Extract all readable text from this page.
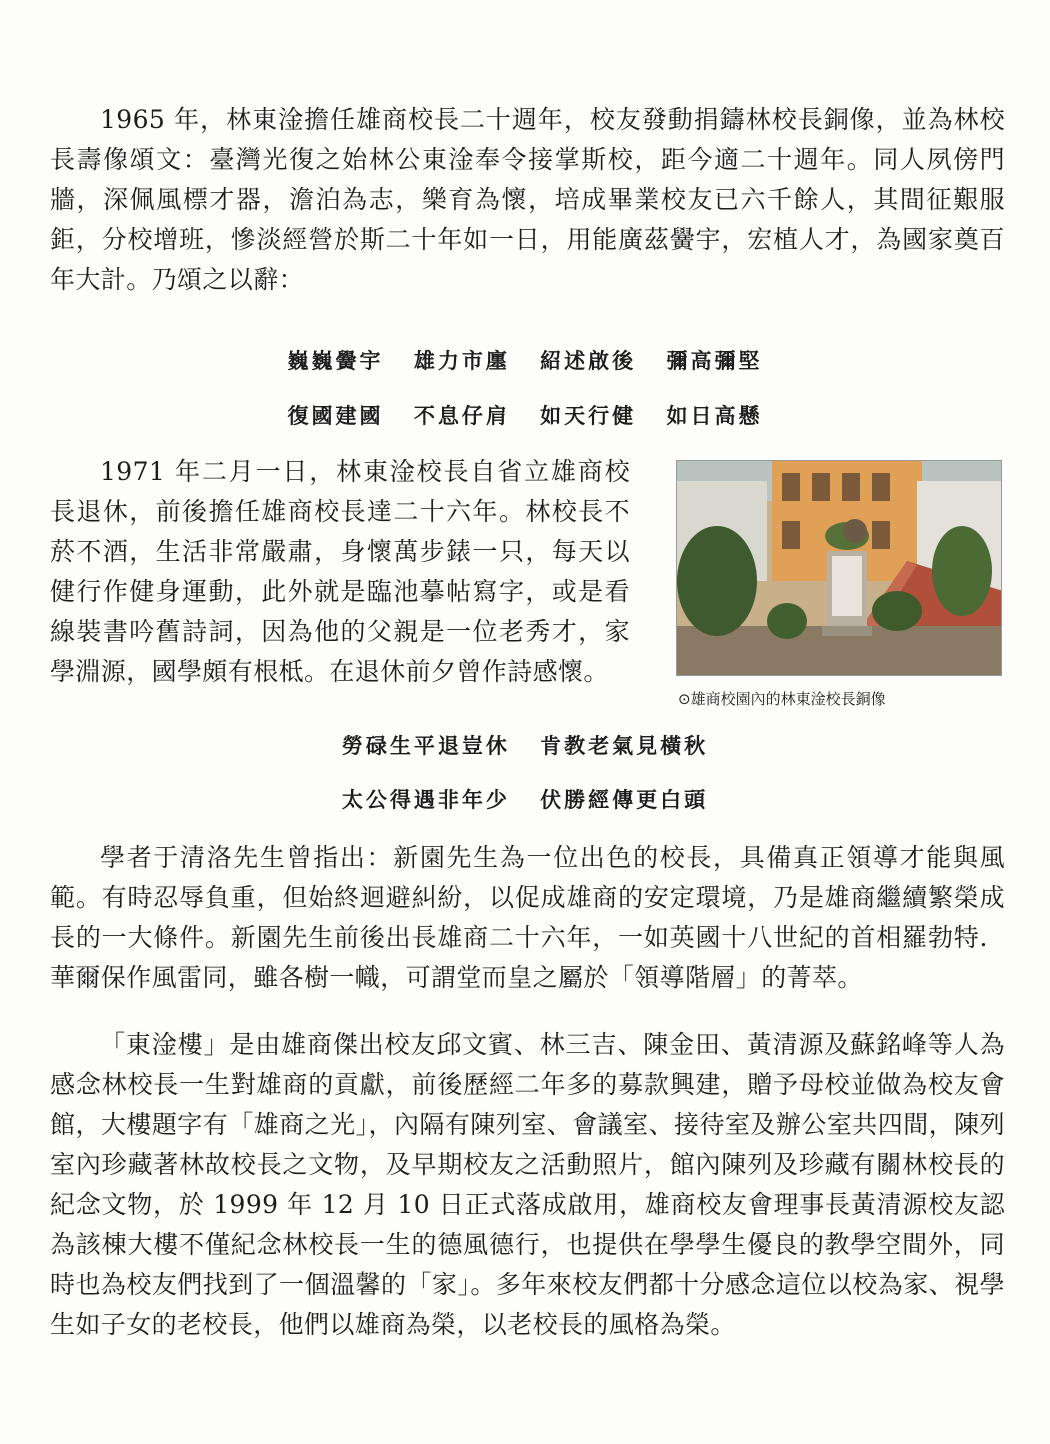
1965 年，林東淦擔任雄商校長二十週年，校友發動捐鑄林校長銅像，並為林校長壽像頌文：臺灣光復之始林公東淦奉令接掌斯校，距今適二十週年。同人夙傍門牆，深佩風標才器，澹泊為志，樂育為懷，培成畢業校友已六千餘人，其間征艱服鉅，分校增班，慘淡經營於斯二十年如一日，用能廣茲黌宇，宏植人才，為國家奠百年大計。乃頌之以辭：

巍巍黌宇 雄力市廛 紹述啟後 彌高彌堅
復國建國 不息仔肩 如天行健 如日高懸

1971 年二月一日，林東淦校長自省立雄商校長退休，前後擔任雄商校長達二十六年。林校長不菸不酒，生活非常嚴肅，身懷萬步錶一只，每天以健行作健身運動，此外就是臨池摹帖寫字，或是看線裝書吟舊詩詞，因為他的父親是一位老秀才，家學淵源，國學頗有根柢。在退休前夕曾作詩感懷。

⊙雄商校園內的林東淦校長銅像
勞碌生平退豈休 肯教老氣見橫秋
太公得遇非年少 伏勝經傳更白頭

學者于清洛先生曾指出：新園先生為一位出色的校長，具備真正領導才能與風範。有時忍辱負重，但始終迴避糾紛，以促成雄商的安定環境，乃是雄商繼續繁榮成長的一大條件。新園先生前後出長雄商二十六年，一如英國十八世紀的首相羅勃特．華爾保作風雷同，雖各樹一幟，可謂堂而皇之屬於「領導階層」的菁萃。

「東淦樓」是由雄商傑出校友邱文賓、林三吉、陳金田、黃清源及蘇銘峰等人為感念林校長一生對雄商的貢獻，前後歷經二年多的募款興建，贈予母校並做為校友會館，大樓題字有「雄商之光」，內隔有陳列室、會議室、接待室及辦公室共四間，陳列室內珍藏著林故校長之文物，及早期校友之活動照片，館內陳列及珍藏有關林校長的紀念文物，於 1999 年 12 月 10 日正式落成啟用，雄商校友會理事長黃清源校友認為該棟大樓不僅紀念林校長一生的德風德行，也提供在學學生優良的教學空間外，同時也為校友們找到了一個溫馨的「家」。多年來校友們都十分感念這位以校為家、視學生如子女的老校長，他們以雄商為榮，以老校長的風格為榮。
